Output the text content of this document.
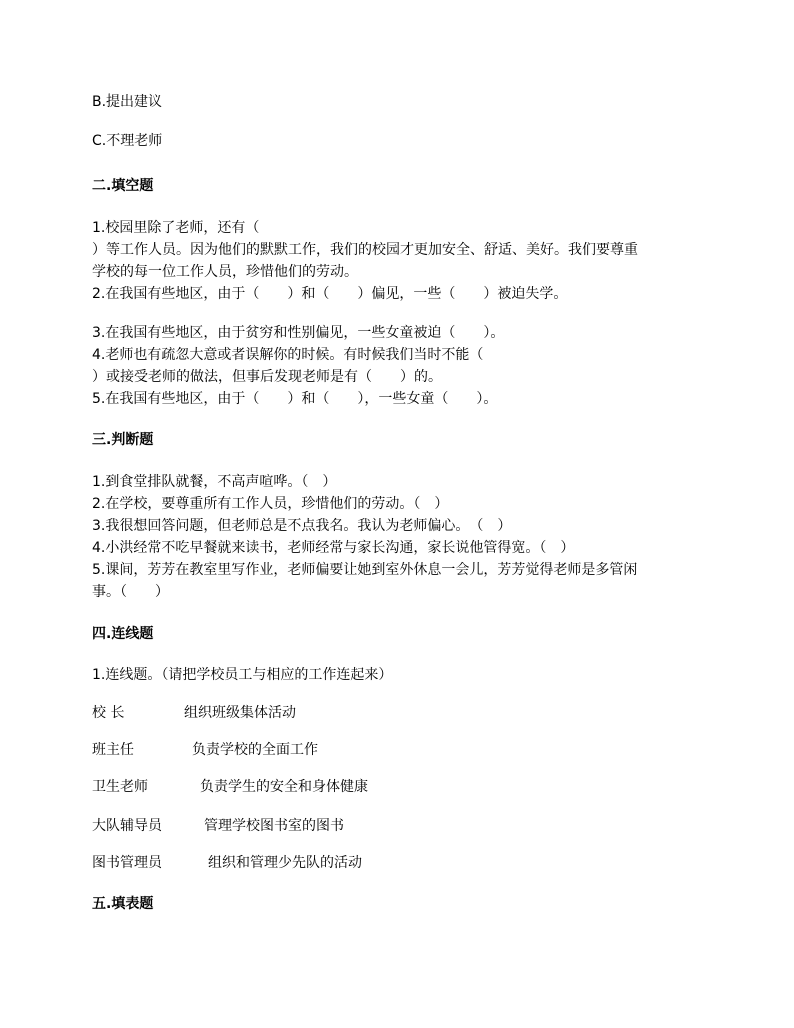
B.提出建议
C.不理老师
二.填空题
1.校园里除了老师，还有（
）等工作人员。因为他们的默默工作，我们的校园才更加安全、舒适、美好。我们要尊重
学校的每一位工作人员，珍惜他们的劳动。
2.在我国有些地区，由于（　　）和（　　）偏见，一些（　　）被迫失学。
3.在我国有些地区，由于贫穷和性别偏见，一些女童被迫（　　）。
4.老师也有疏忽大意或者误解你的时候。有时候我们当时不能（
）或接受老师的做法，但事后发现老师是有（　　）的。
5.在我国有些地区，由于（　　）和（　　），一些女童（　　）。
三.判断题
1.到食堂排队就餐，不高声喧哗。（　）
2.在学校，要尊重所有工作人员，珍惜他们的劳动。（　）
3.我很想回答问题，但老师总是不点我名。我认为老师偏心。　（　）
4.小洪经常不吃早餐就来读书，老师经常与家长沟通，家长说他管得宽。（　）
5.课间，芳芳在教室里写作业，老师偏要让她到室外休息一会儿，芳芳觉得老师是多管闲
事。（　　）
四.连线题
1.连线题。（请把学校员工与相应的工作连起来）
校 长	组织班级集体活动
班主任	负责学校的全面工作
卫生老师	负责学生的安全和身体健康
大队辅导员	管理学校图书室的图书
图书管理员	组织和管理少先队的活动
五.填表题
